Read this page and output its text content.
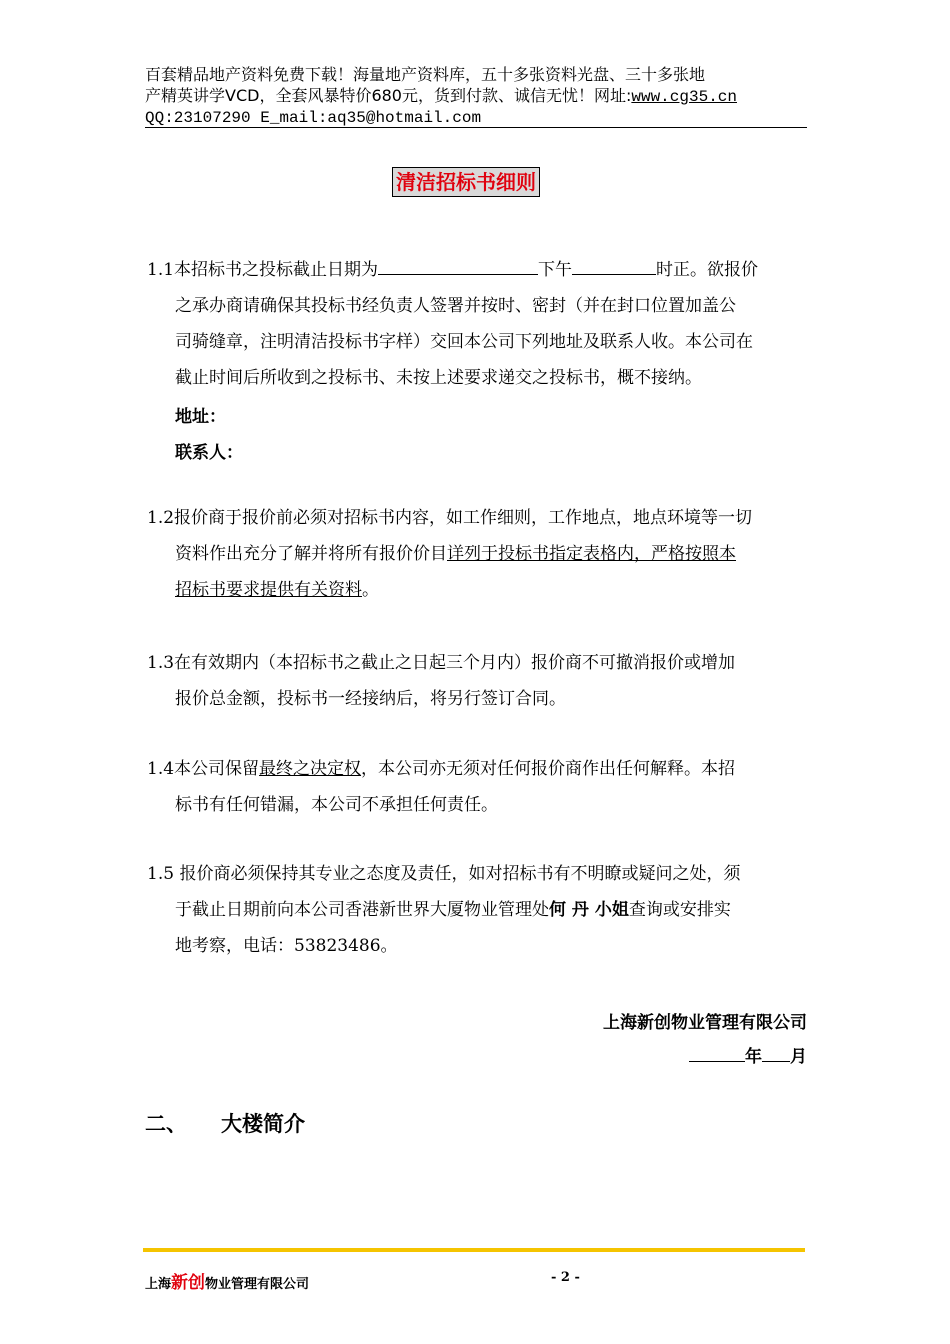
百套精品地产资料免费下载！海量地产资料库，五十多张资料光盘、三十多张地
产精英讲学VCD，全套风暴特价680元，货到付款、诚信无忧！网址:www.cg35.cn
QQ:23107290 E_mail:aq35@hotmail.com
清洁招标书细则
1.1本招标书之投标截止日期为	下午	时正。欲报价
之承办商请确保其投标书经负责人签署并按时、密封（并在封口位置加盖公
司骑缝章，注明清洁投标书字样）交回本公司下列地址及联系人收。本公司在
截止时间后所收到之投标书、未按上述要求递交之投标书，概不接纳。
地址：
联系人：
1.2报价商于报价前必须对招标书内容，如工作细则，工作地点，地点环境等一切
资料作出充分了解并将所有报价价目详列于投标书指定表格内，严格按照本
招标书要求提供有关资料。
1.3在有效期内（本招标书之截止之日起三个月内）报价商不可撤消报价或增加
报价总金额，投标书一经接纳后，将另行签订合同。
1.4本公司保留最终之决定权，本公司亦无须对任何报价商作出任何解释。本招
标书有任何错漏，本公司不承担任何责任。
1.5 报价商必须保持其专业之态度及责任，如对招标书有不明瞭或疑问之处，须
于截止日期前向本公司香港新世界大厦物业管理处何 丹 小姐查询或安排实
地考察，电话：53823486。
上海新创物业管理有限公司
年 月
二、 大楼简介
上海新创物业管理有限公司	- 2 -
